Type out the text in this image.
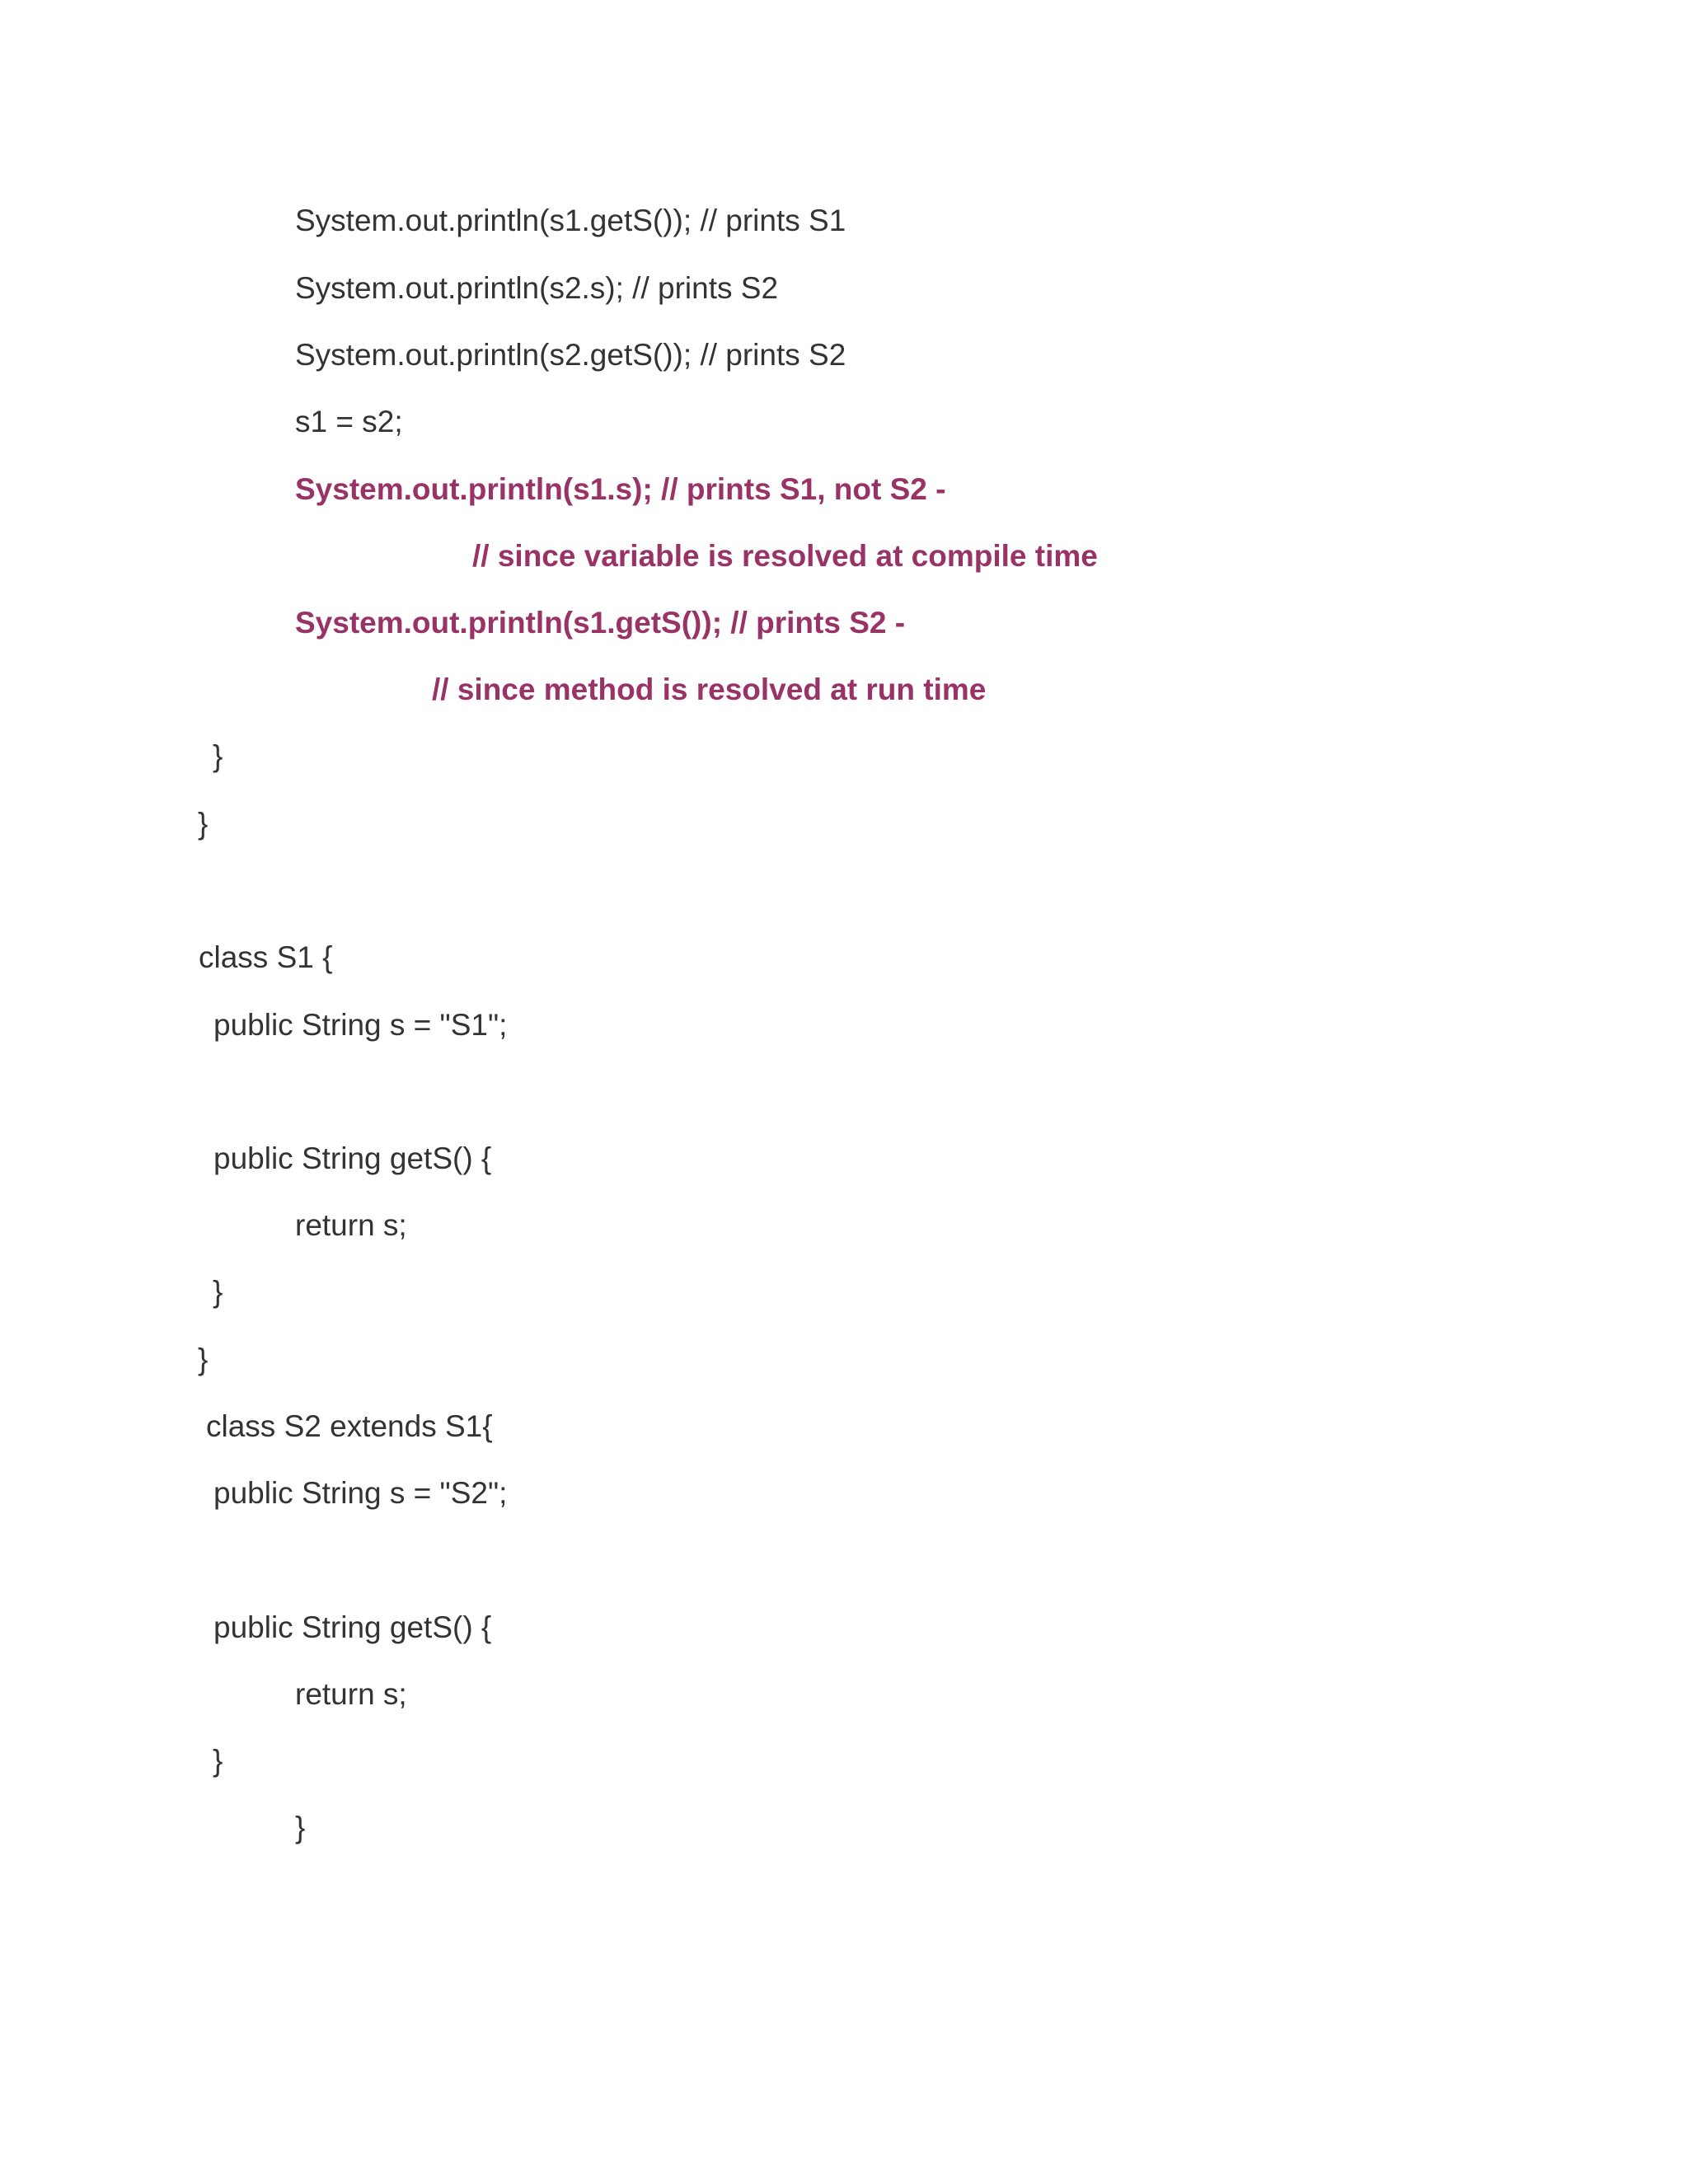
System.out.println(s1.getS()); // prints S1
System.out.println(s2.s); // prints S2
System.out.println(s2.getS()); // prints S2
s1 = s2;
System.out.println(s1.s); // prints S1, not S2 -
// since variable is resolved at compile time
System.out.println(s1.getS()); // prints S2 -
// since method is resolved at run time
}
}
class S1 {
public String s = "S1";
public String getS() {
return s;
}
}
class S2 extends S1{
public String s = "S2";
public String getS() {
return s;
}
}
